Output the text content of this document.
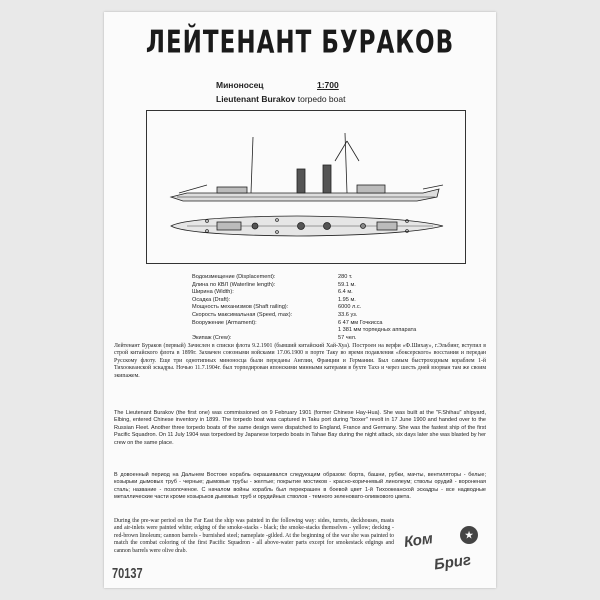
ЛЕЙТЕНАНТ БУРАКОВ
Миноносец	1:700
Lieutenant Burakov torpedo boat
Водоизмещение (Displacement):	280 т.
Длина по КВЛ (Waterline length):	59.1 м.
Ширина (Width):	6.4 м.
Осадка (Draft):	1.95 м.
Мощность механизмов (Shaft railing):	6000 л.с.
Скорость максимальная (Speed, max):	33.6 уз.
Вооружение (Armament):	6 47 мм Гочкисса
1 381 мм торпедных аппарата
Экипаж (Crew):	57 чел.

Лейтенант Бураков (первый) Зачислен в списки флота 9.2.1901 (бывший китайский Хай-Хуа). Построен на верфи «Ф.Шихау», г.Эльбинг, вступил в строй китайского флота в 1899г. Захвачен союзными войсками 17.06.1900 в порте Таку во время подавления «боксерского» восстания и передан Русскому флоту. Еще три однотипных миноносца были переданы Англии, Франции и Германии. Был самым быстроходным кораблем 1-й Тихоокеанской эскадры. Ночью 11.7.1904г. был торпедирован японскими минными катерами в бухте Тахэ и через шесть дней взорван там же своим экипажем.

The Lieutenant Burakov (the first one) was commissioned on 9 February 1901 (former Chinese Hay-Hua). She was built at the "F.Shihau" shipyard, Elbing, entered Chinese inventory in 1899. The torpedo boat was captured in Taku port during "boxer" revolt in 17 June 1900 and handed over to the Russian Fleet. Another three torpedo boats of the same design were dispatched to England, France and Germany. She was the fastest ship of the first Pacific Squadron. On 11 July 1904 was torpedoed by Japanese torpedo boats in Tahae Bay during the night attack, six days later she was blasted by her crew on the same place.

В довоенный период на Дальнем Востоке корабль окрашивался следующим образом: борта, башни, рубки, мачты, вентиляторы - белые; козырьки дымовых труб - черные; дымовые трубы - желтые; покрытие мостиков - красно-коричневый линолеум; стволы орудий - вороненая сталь; название - позолоченое. С началом войны корабль был перекрашен в боевой цвет 1-й Тихоокеанской эскадры - все надводные металлические части кроме козырьков дымовых труб и орудийных стволов - темного зеленовато-оливкового цвета.

During the pre-war period on the Far East the ship was painted in the following way: sides, turrets, deckhouses, masts and air-inlets were painted white; edging of the smoke-stacks - black; the smoke-stacks themselves - yellow; decking - red-brown linoleum; cannon barrels - burnished steel; nameplate -gilded. At the beginning of the war she was painted to match the combat coloring of the first Pacific Squadron - all above-water parts except for smokestack edgings and cannon barrels were olive drab.

70137
★
Ком
Бриг
